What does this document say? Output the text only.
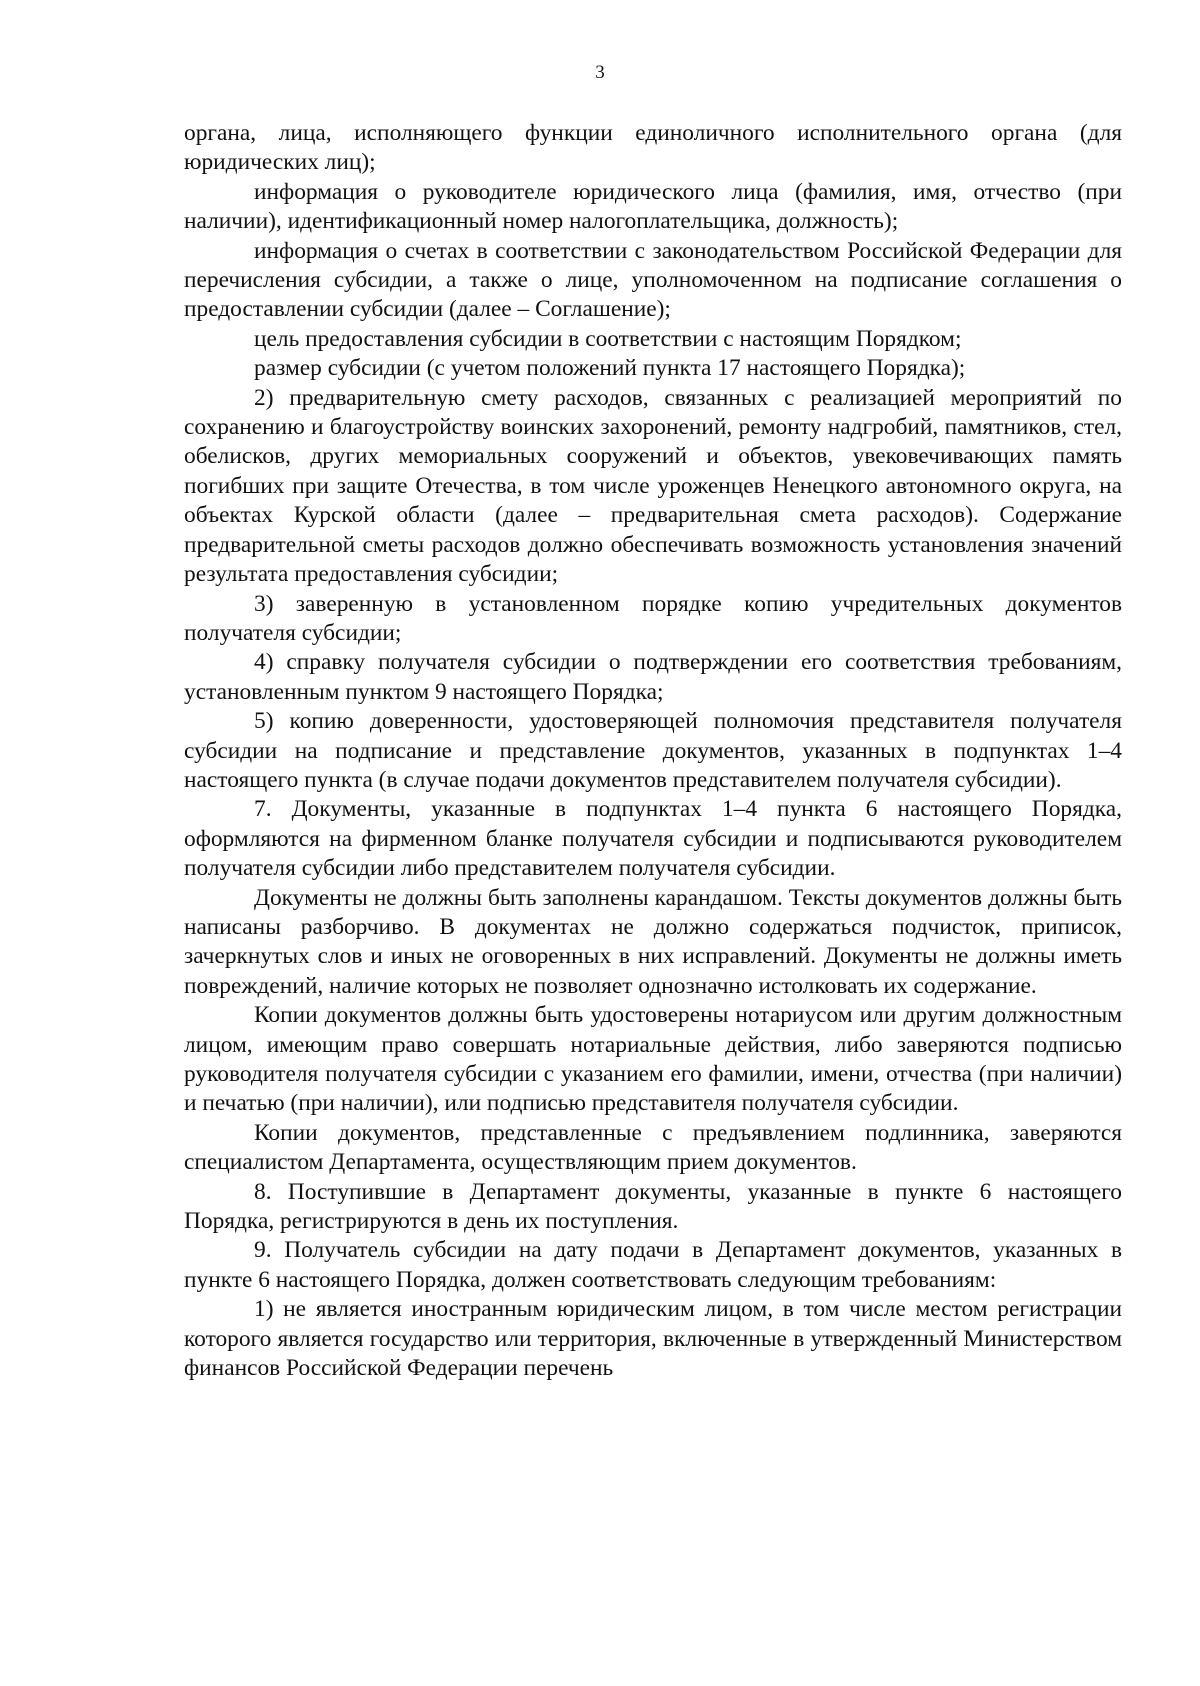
3

органа, лица, исполняющего функции единоличного исполнительного органа (для юридических лиц);

информация о руководителе юридического лица (фамилия, имя, отчество (при наличии), идентификационный номер налогоплательщика, должность);

информация о счетах в соответствии с законодательством Российской Федерации для перечисления субсидии, а также о лице, уполномоченном на подписание соглашения о предоставлении субсидии (далее – Соглашение);

цель предоставления субсидии в соответствии с настоящим Порядком;

размер субсидии (с учетом положений пункта 17 настоящего Порядка);

2) предварительную смету расходов, связанных с реализацией мероприятий по сохранению и благоустройству воинских захоронений, ремонту надгробий, памятников, стел, обелисков, других мемориальных сооружений и объектов, увековечивающих память погибших при защите Отечества, в том числе уроженцев Ненецкого автономного округа, на объектах Курской области (далее – предварительная смета расходов). Содержание предварительной сметы расходов должно обеспечивать возможность установления значений результата предоставления субсидии;

3) заверенную в установленном порядке копию учредительных документов получателя субсидии;

4) справку получателя субсидии о подтверждении его соответствия требованиям, установленным пунктом 9 настоящего Порядка;

5) копию доверенности, удостоверяющей полномочия представителя получателя субсидии на подписание и представление документов, указанных в подпунктах 1–4 настоящего пункта (в случае подачи документов представителем получателя субсидии).

7. Документы, указанные в подпунктах 1–4 пункта 6 настоящего Порядка, оформляются на фирменном бланке получателя субсидии и подписываются руководителем получателя субсидии либо представителем получателя субсидии.

Документы не должны быть заполнены карандашом. Тексты документов должны быть написаны разборчиво. В документах не должно содержаться подчисток, приписок, зачеркнутых слов и иных не оговоренных в них исправлений. Документы не должны иметь повреждений, наличие которых не позволяет однозначно истолковать их содержание.

Копии документов должны быть удостоверены нотариусом или другим должностным лицом, имеющим право совершать нотариальные действия, либо заверяются подписью руководителя получателя субсидии с указанием его фамилии, имени, отчества (при наличии) и печатью (при наличии), или подписью представителя получателя субсидии.

Копии документов, представленные с предъявлением подлинника, заверяются специалистом Департамента, осуществляющим прием документов.

8. Поступившие в Департамент документы, указанные в пункте 6 настоящего Порядка, регистрируются в день их поступления.

9. Получатель субсидии на дату подачи в Департамент документов, указанных в пункте 6 настоящего Порядка, должен соответствовать следующим требованиям:

1) не является иностранным юридическим лицом, в том числе местом регистрации которого является государство или территория, включенные в утвержденный Министерством финансов Российской Федерации перечень
